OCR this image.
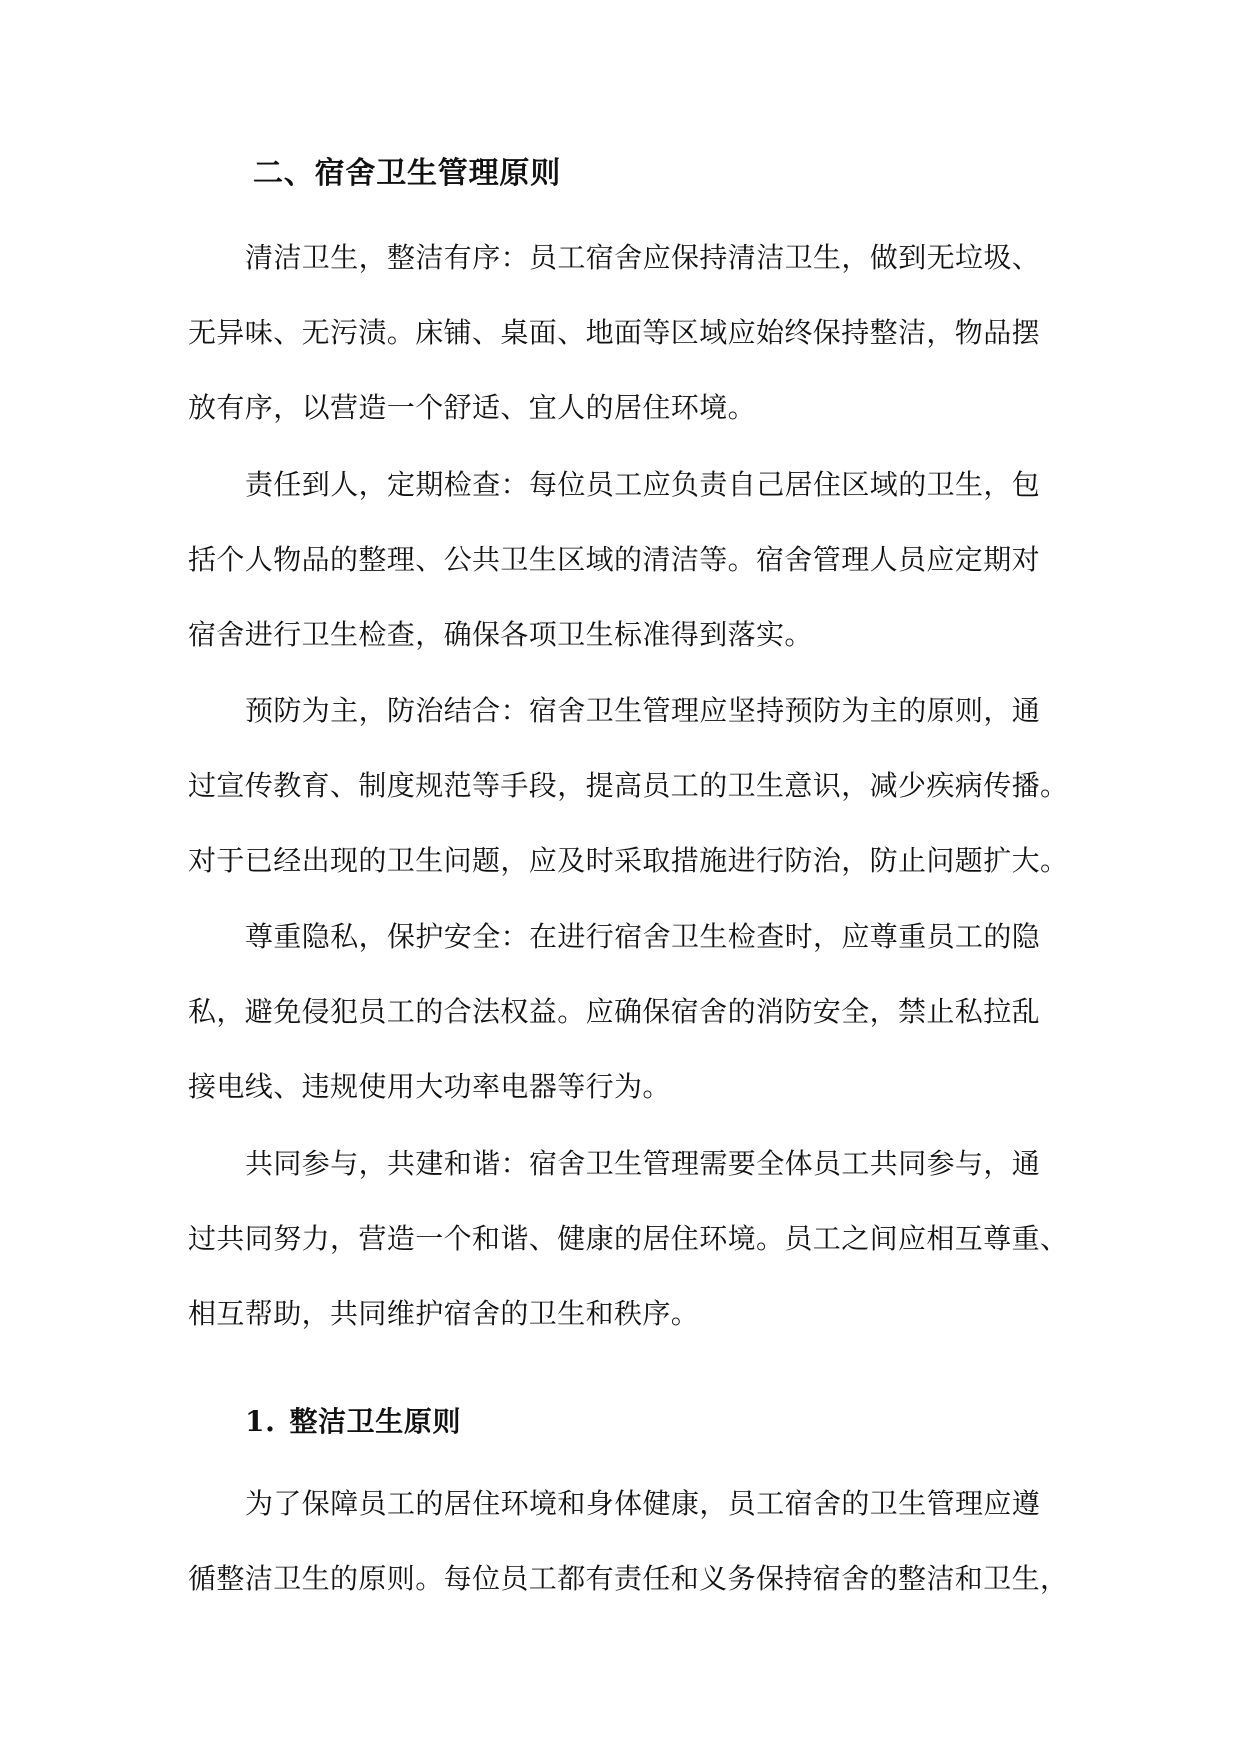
二、宿舍卫生管理原则
清洁卫生，整洁有序：员工宿舍应保持清洁卫生，做到无垃圾、
无异味、无污渍。床铺、桌面、地面等区域应始终保持整洁，物品摆
放有序，以营造一个舒适、宜人的居住环境。
责任到人，定期检查：每位员工应负责自己居住区域的卫生，包
括个人物品的整理、公共卫生区域的清洁等。宿舍管理人员应定期对
宿舍进行卫生检查，确保各项卫生标准得到落实。
预防为主，防治结合：宿舍卫生管理应坚持预防为主的原则，通
过宣传教育、制度规范等手段，提高员工的卫生意识，减少疾病传播。
对于已经出现的卫生问题，应及时采取措施进行防治，防止问题扩大。
尊重隐私，保护安全：在进行宿舍卫生检查时，应尊重员工的隐
私，避免侵犯员工的合法权益。应确保宿舍的消防安全，禁止私拉乱
接电线、违规使用大功率电器等行为。
共同参与，共建和谐：宿舍卫生管理需要全体员工共同参与，通
过共同努力，营造一个和谐、健康的居住环境。员工之间应相互尊重、
相互帮助，共同维护宿舍的卫生和秩序。
1. 整洁卫生原则
为了保障员工的居住环境和身体健康，员工宿舍的卫生管理应遵
循整洁卫生的原则。每位员工都有责任和义务保持宿舍的整洁和卫生，
